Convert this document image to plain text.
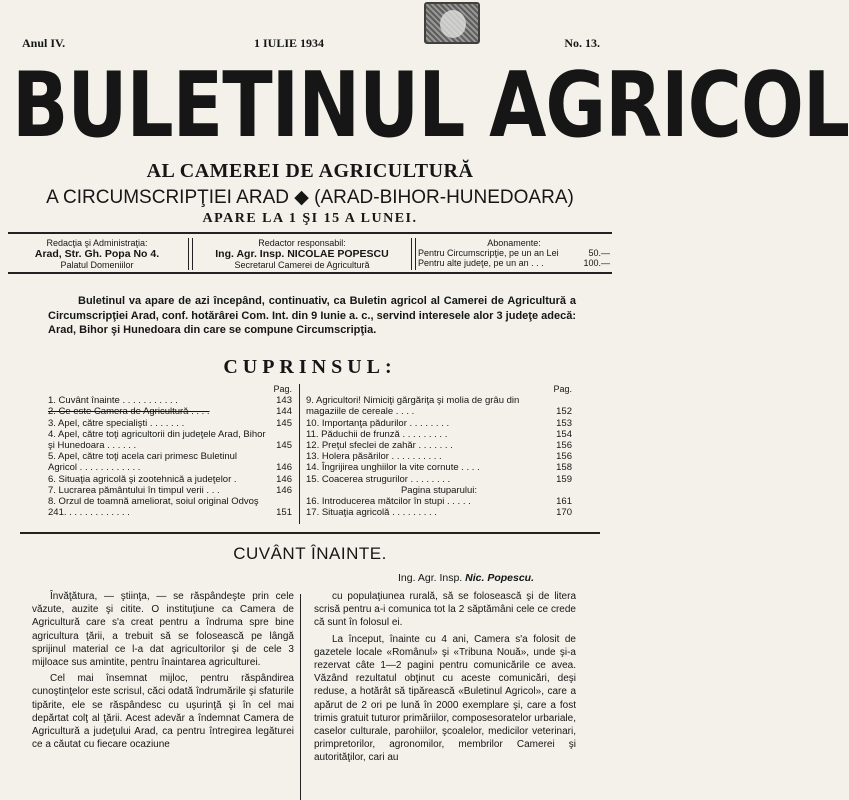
Anul IV.	1 IULIE 1934	No. 13.
BULETINUL AGRICOL
AL CAMEREI DE AGRICULTURĂ
A CIRCUMSCRIPŢIEI ARAD ◆ (ARAD-BIHOR-HUNEDOARA)
APARE LA 1 ŞI 15 A LUNEI.
Redacţia şi Administraţia:
Arad, Str. Gh. Popa No 4.
Palatul Domeniilor
Redactor responsabil:
Ing. Agr. Insp. NICOLAE POPESCU
Secretarul Camerei de Agricultură
Abonamente:
Pentru Circumscripţie, pe un an Lei	50.—
Pentru alte judeţe, pe un an . . .	100.—
Buletinul va apare de azi începând, continuativ, ca Buletin agricol al Camerei de Agricultură a Circumscripţiei Arad, conf. hotărârei Com. Int. din 9 Iunie a. c., servind interesele alor 3 judeţe adecă: Arad, Bihor şi Hunedoara din care se compune Circumscripţia.
CUPRINSUL:
Pag.
1. Cuvânt înainte . . . . . . . . . . .	143
2. Ce este Camera de Agricultură . . . .	144
3. Apel, către specialişti . . . . . . .	145
4. Apel, către toţi agricultorii din judeţele Arad, Bihor şi Hunedoara . . . . . .	145
5. Apel, către toţi acela cari primesc Buletinul Agricol . . . . . . . . . . . .	146
6. Situaţia agricolă şi zootehnică a judeţelor .	146
7. Lucrarea pământului în timpul verii . . .	146
8. Orzul de toamnă ameliorat, soiul original Odvoş 241. . . . . . . . . . . . .	151
Pag.
9. Agricultori! Nimiciţi gărgăriţa şi molia de grâu din magaziile de cereale . . . .	152
10. Importanţa pădurilor . . . . . . . .	153
11. Păduchii de frunză . . . . . . . . .	154
12. Preţul sfeclei de zahăr . . . . . . .	156
13. Holera păsărilor . . . . . . . . . .	156
14. Îngrijirea unghiilor la vite cornute . . . .	158
15. Coacerea strugurilor . . . . . . . .	159
Pagina stuparului:
16. Introducerea mătcilor în stupi . . . . .	161
17. Situaţia agricolă . . . . . . . . .	170
CUVÂNT ÎNAINTE.
Ing. Agr. Insp. Nic. Popescu.

Învăţătura, — ştiinţa, — se răspândeşte prin cele văzute, auzite şi citite. O instituţiune ca Camera de Agricultură care s'a creat pentru a îndruma spre bine agricultura ţării, a trebuit să se folosească pe lângă sprijinul material ce l-a dat agricultorilor şi de cele 3 mijloace sus amintite, pentru înaintarea agriculturei.

Cel mai însemnat mijloc, pentru răspândirea cunoştinţelor este scrisul, căci odată îndrumările şi sfaturile tipărite, ele se răspândesc cu uşurinţă şi în cel mai depărtat colţ al ţării. Acest adevăr a îndemnat Camera de Agricultură a judeţului Arad, ca pentru întregirea legăturei ce a căutat cu fiecare ocaziune

cu populaţiunea rurală, să se folosească şi de litera scrisă pentru a-i comunica tot la 2 săptămâni cele ce crede că sunt în folosul ei.

La început, înainte cu 4 ani, Camera s'a folosit de gazetele locale «Românul» şi «Tribuna Nouă», unde şi-a rezervat câte 1—2 pagini pentru comunicările ce avea. Văzând rezultatul obţinut cu aceste comunicări, deşi reduse, a hotărât să tipărească «Buletinul Agricol», care a apărut de 2 ori pe lună în 2000 exemplare şi, care a fost trimis gratuit tuturor primăriilor, composesoratelor urbariale, caselor culturale, parohiilor, şcoalelor, medicilor veterinari, primpretorilor, agronomilor, membrilor Camerei şi autorităţilor, cari au
